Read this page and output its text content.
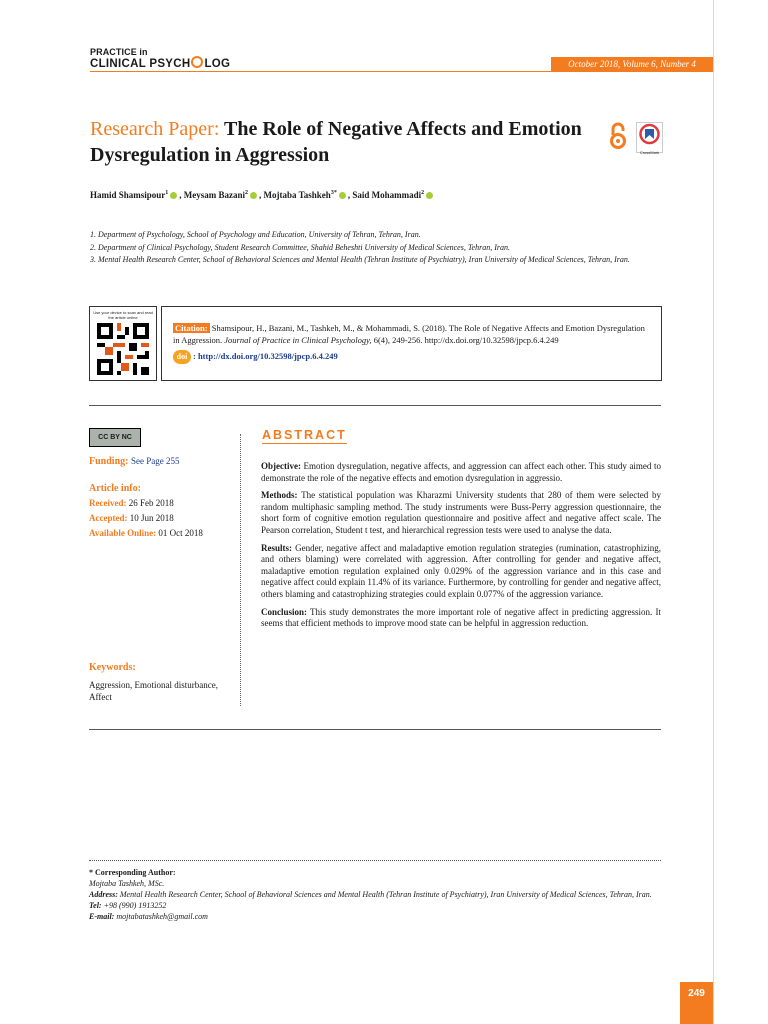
PRACTICE in
CLINICAL PSYCH LOG	October 2018, Volume 6, Number 4
Research Paper: The Role of Negative Affects and Emotion Dysregulation in Aggression	CrossMark
Hamid Shamsipour$^1$ , Meysam Bazani$^2$ , Mojtaba Tashkeh$^{3*}$ , Said Mohammadi$^2$

1. Department of Psychology, School of Psychology and Education, University of Tehran, Tehran, Iran.

2. Department of Clinical Psychology, Student Research Committee, Shahid Beheshti University of Medical Sciences, Tehran, Iran.

3. Mental Health Research Center, School of Behavioral Sciences and Mental Health (Tehran Institute of Psychiatry), Iran University of Medical Sciences, Tehran, Iran.

Use your device to scan and read the article online
Citation: Shamsipour, H., Bazani, M., Tashkeh, M., & Mohammadi, S. (2018). The Role of Negative Affects and Emotion Dysregulation in Aggression. Journal of Practice in Clinical Psychology, 6(4), 249-256. http://dx.doi.org/10.32598/jpcp.6.4.249
doi : http://dx.doi.org/10.32598/jpcp.6.4.249
CC BY NC
Funding: See Page 255
Article info:
Received: 26 Feb 2018
Accepted: 10 Jun 2018
Available Online: 01 Oct 2018
Keywords:
Aggression, Emotional disturbance, Affect
ABSTRACT

Objective: Emotion dysregulation, negative affects, and aggression can affect each other. This study aimed to demonstrate the role of the negative effects and emotion dysregulation in aggressio.

Methods: The statistical population was Kharazmi University students that 280 of them were selected by random multiphasic sampling method. The study instruments were Buss-Perry aggression questionnaire, the short form of cognitive emotion regulation questionnaire and positive affect and negative affect scale. The Pearson correlation, Student t test, and hierarchical regression tests were used to analyse the data.

Results: Gender, negative affect and maladaptive emotion regulation strategies (rumination, catastrophizing, and others blaming) were correlated with aggression. After controlling for gender and negative affect, maladaptive emotion regulation explained only 0.029% of the aggression variance and in this case and negative affect could explain 11.4% of its variance. Furthermore, by controlling for gender and negative affect, others blaming and catastrophizing strategies could explain 0.077% of the aggression variance.

Conclusion: This study demonstrates the more important role of negative affect in predicting aggression. It seems that efficient methods to improve mood state can be helpful in aggression reduction.

* Corresponding Author:

Mojtaba Tashkeh, MSc.

Address: Mental Health Research Center, School of Behavioral Sciences and Mental Health (Tehran Institute of Psychiatry), Iran University of Medical Sciences, Tehran, Iran.

Tel: +98 (990) 1913252

E-mail: mojtabatashkeh@gmail.com

249
